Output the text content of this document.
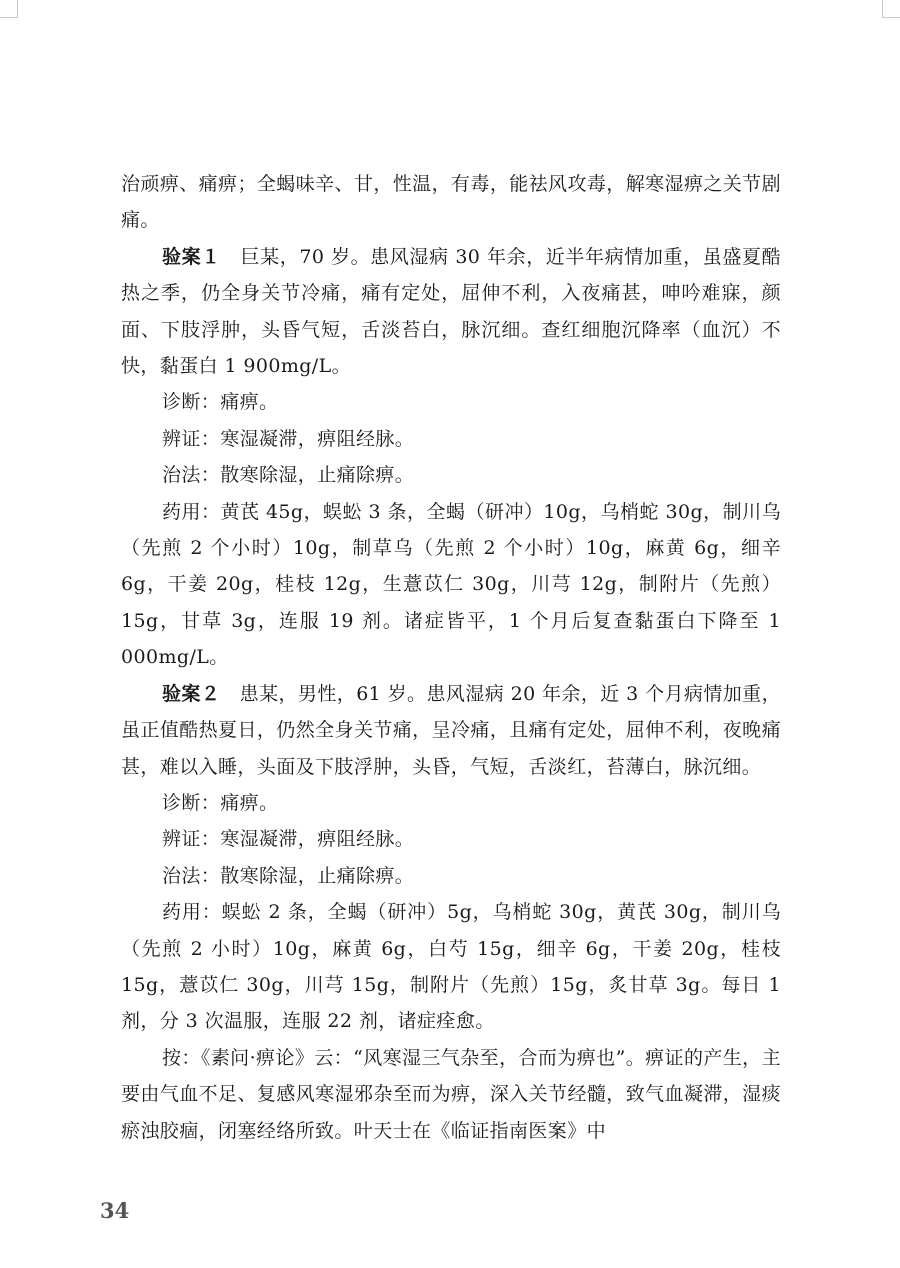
治顽痹、痛痹；全蝎味辛、甘，性温，有毒，能祛风攻毒，解寒湿痹之关节剧痛。

验案１　巨某，70 岁。患风湿病 30 年余，近半年病情加重，虽盛夏酷热之季，仍全身关节冷痛，痛有定处，屈伸不利，入夜痛甚，呻吟难寐，颜面、下肢浮肿，头昏气短，舌淡苔白，脉沉细。查红细胞沉降率（血沉）不快，黏蛋白 1 900mg/L。

诊断：痛痹。

辨证：寒湿凝滞，痹阻经脉。

治法：散寒除湿，止痛除痹。

药用：黄芪 45g，蜈蚣 3 条，全蝎（研冲）10g，乌梢蛇 30g，制川乌（先煎 2 个小时）10g，制草乌（先煎 2 个小时）10g，麻黄 6g，细辛 6g，干姜 20g，桂枝 12g，生薏苡仁 30g，川芎 12g，制附片（先煎）15g，甘草 3g，连服 19 剂。诸症皆平，1 个月后复查黏蛋白下降至 1 000mg/L。

验案２　患某，男性，61 岁。患风湿病 20 年余，近 3 个月病情加重，虽正值酷热夏日，仍然全身关节痛，呈冷痛，且痛有定处，屈伸不利，夜晚痛甚，难以入睡，头面及下肢浮肿，头昏，气短，舌淡红，苔薄白，脉沉细。

诊断：痛痹。

辨证：寒湿凝滞，痹阻经脉。

治法：散寒除湿，止痛除痹。

药用：蜈蚣 2 条，全蝎（研冲）5g，乌梢蛇 30g，黄芪 30g，制川乌（先煎 2 小时）10g，麻黄 6g，白芍 15g，细辛 6g，干姜 20g，桂枝 15g，薏苡仁 30g，川芎 15g，制附片（先煎）15g，炙甘草 3g。每日 1 剂，分 3 次温服，连服 22 剂，诸症痊愈。

按：《素问·痹论》云：“风寒湿三气杂至，合而为痹也”。痹证的产生，主要由气血不足、复感风寒湿邪杂至而为痹，深入关节经髓，致气血凝滞，湿痰瘀浊胶痼，闭塞经络所致。叶天士在《临证指南医案》中

34
